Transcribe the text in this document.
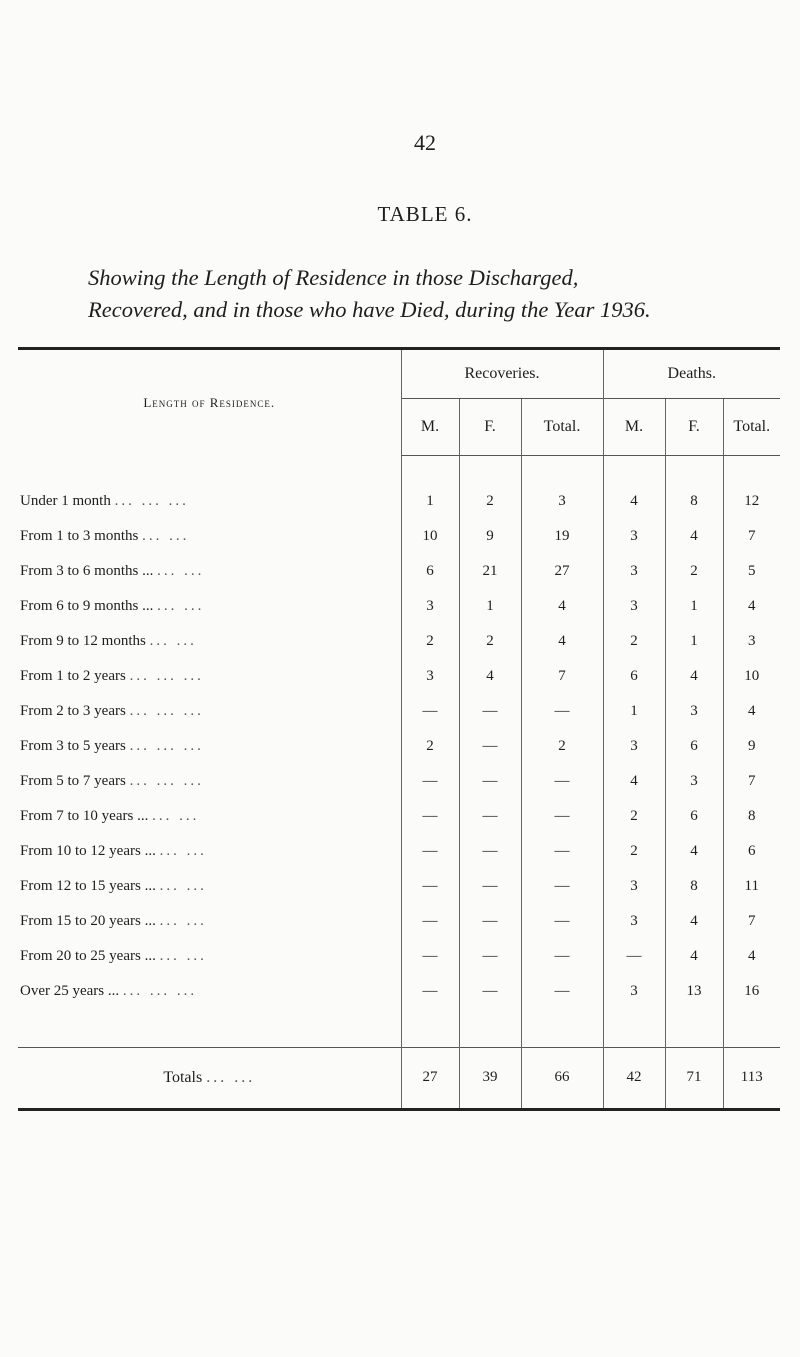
42
TABLE 6.
Showing the Length of Residence in those Discharged,
Recovered, and in those who have Died, during the Year 1936.
Length of Residence.	Recoveries.			Deaths.		
	M.	F.	Total.	M.	F.	Total.
Under 1 month ... ... ...	1	2	3	4	8	12
From 1 to 3 months ... ...	10	9	19	3	4	7
From 3 to 6 months ... ... ...	6	21	27	3	2	5
From 6 to 9 months ... ... ...	3	1	4	3	1	4
From 9 to 12 months ... ...	2	2	4	2	1	3
From 1 to 2 years ... ... ...	3	4	7	6	4	10
From 2 to 3 years ... ... ...	—	—	—	1	3	4
From 3 to 5 years ... ... ...	2	—	2	3	6	9
From 5 to 7 years ... ... ...	—	—	—	4	3	7
From 7 to 10 years ... ... ...	—	—	—	2	6	8
From 10 to 12 years ... ... ...	—	—	—	2	4	6
From 12 to 15 years ... ... ...	—	—	—	3	8	11
From 15 to 20 years ... ... ...	—	—	—	3	4	7
From 20 to 25 years ... ... ...	—	—	—	—	4	4
Over 25 years ... ... ... ...	—	—	—	3	13	16

Totals ... ...	27	39	66	42	71	113
